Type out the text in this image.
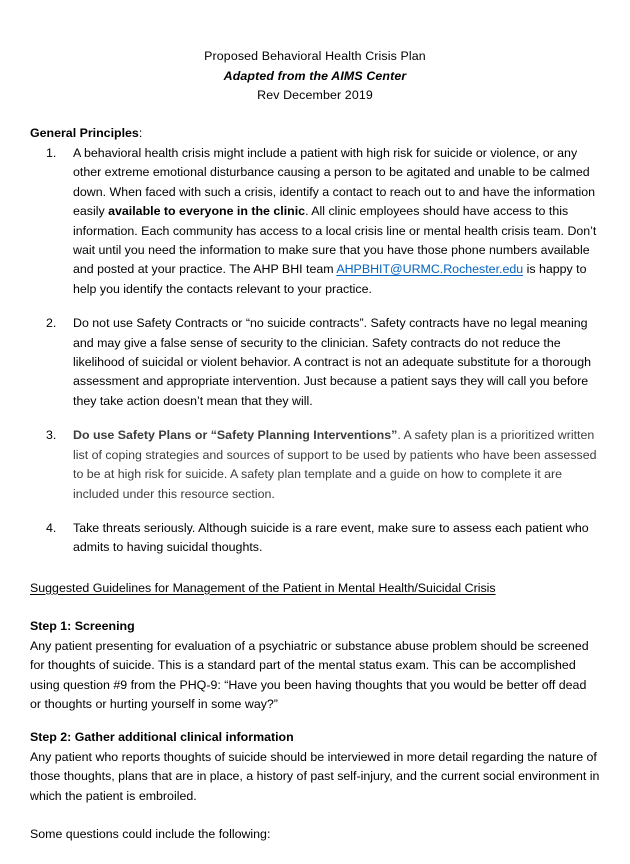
Proposed Behavioral Health Crisis Plan
Adapted from the AIMS Center
Rev December 2019
General Principles:
1. A behavioral health crisis might include a patient with high risk for suicide or violence, or any other extreme emotional disturbance causing a person to be agitated and unable to be calmed down. When faced with such a crisis, identify a contact to reach out to and have the information easily available to everyone in the clinic. All clinic employees should have access to this information. Each community has access to a local crisis line or mental health crisis team. Don’t wait until you need the information to make sure that you have those phone numbers available and posted at your practice. The AHP BHI team AHPBHIT@URMC.Rochester.edu is happy to help you identify the contacts relevant to your practice.
2. Do not use Safety Contracts or “no suicide contracts”. Safety contracts have no legal meaning and may give a false sense of security to the clinician. Safety contracts do not reduce the likelihood of suicidal or violent behavior. A contract is not an adequate substitute for a thorough assessment and appropriate intervention. Just because a patient says they will call you before they take action doesn’t mean that they will.
3. Do use Safety Plans or “Safety Planning Interventions”. A safety plan is a prioritized written list of coping strategies and sources of support to be used by patients who have been assessed to be at high risk for suicide. A safety plan template and a guide on how to complete it are included under this resource section.
4. Take threats seriously. Although suicide is a rare event, make sure to assess each patient who admits to having suicidal thoughts.
Suggested Guidelines for Management of the Patient in Mental Health/Suicidal Crisis
Step 1: Screening

Any patient presenting for evaluation of a psychiatric or substance abuse problem should be screened for thoughts of suicide. This is a standard part of the mental status exam. This can be accomplished using question #9 from the PHQ-9: “Have you been having thoughts that you would be better off dead or thoughts or hurting yourself in some way?”

Step 2: Gather additional clinical information

Any patient who reports thoughts of suicide should be interviewed in more detail regarding the nature of those thoughts, plans that are in place, a history of past self-injury, and the current social environment in which the patient is embroiled.

Some questions could include the following:
